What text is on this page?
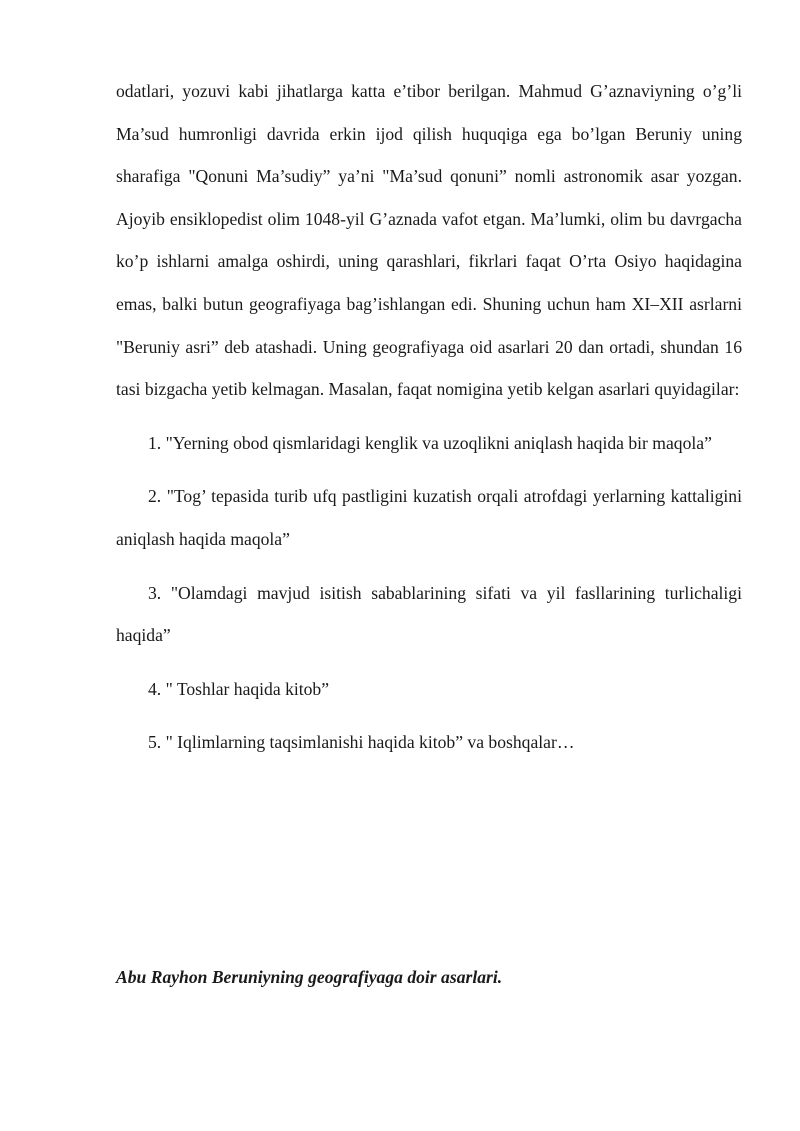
odatlari, yozuvi kabi jihatlarga katta e’tibor berilgan. Mahmud G’aznaviyning o’g’li Ma’sud humronligi davrida erkin ijod qilish huquqiga ega bo’lgan Beruniy uning sharafiga "Qonuni Ma’sudiy” ya’ni "Ma’sud qonuni” nomli astronomik asar yozgan. Ajoyib ensiklopedist olim 1048-yil G’aznada vafot etgan. Ma’lumki, olim bu davrgacha ko’p ishlarni amalga oshirdi, uning qarashlari, fikrlari faqat O’rta Osiyo haqidagina emas, balki butun geografiyaga bag’ishlangan edi. Shuning uchun ham XI–XII asrlarni "Beruniy asri” deb atashadi. Uning geografiyaga oid asarlari 20 dan ortadi, shundan 16 tasi bizgacha yetib kelmagan. Masalan, faqat nomigina yetib kelgan asarlari quyidagilar:

1. "Yerning obod qismlaridagi kenglik va uzoqlikni aniqlash haqida bir maqola”

2. "Tog’ tepasida turib ufq pastligini kuzatish orqali atrofdagi yerlarning kattaligini aniqlash haqida maqola”

3. "Olamdagi mavjud isitish sabablarining sifati va yil fasllarining turlichaligi haqida”

4. " Toshlar haqida kitob”

5. " Iqlimlarning taqsimlanishi haqida kitob” va boshqalar…

Abu Rayhon Beruniyning geografiyaga doir asarlari.
